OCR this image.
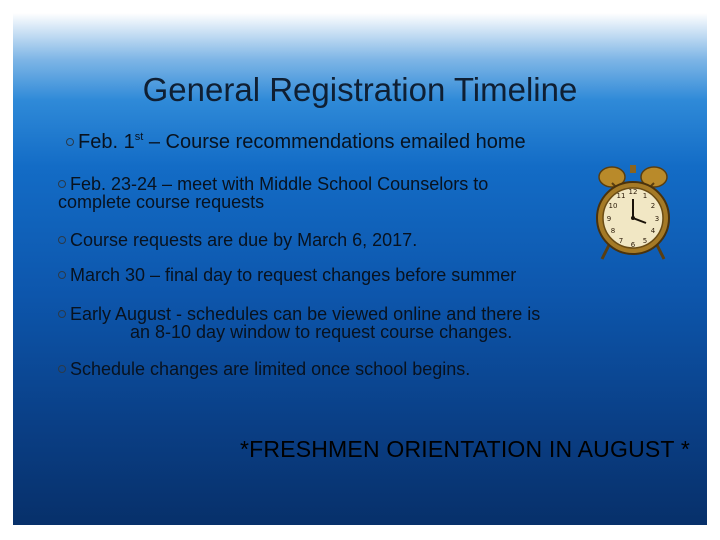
General Registration Timeline
Feb. 1st – Course recommendations emailed home
Feb. 23-24 – meet with Middle School Counselors to
complete course requests
Course requests are due by March 6, 2017.
March 30 – final day to request changes before summer
Early August - schedules can be viewed online and there is
an 8-10 day window to request course changes.
Schedule changes are limited once school begins.
*FRESHMEN ORIENTATION IN AUGUST *
12 1
2
3
4
5
6
7
8
9
10
11
